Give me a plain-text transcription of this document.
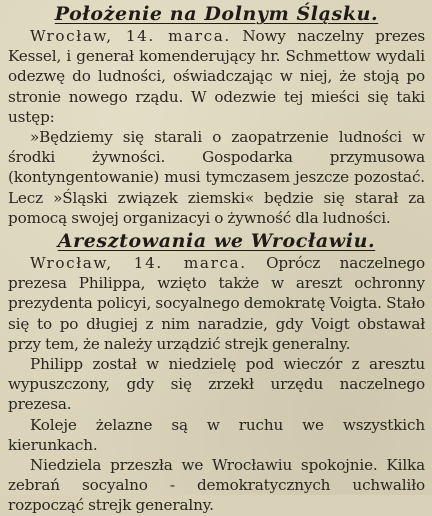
Położenie na Dolnym Śląsku.

Wrocław, 14. marca. Nowy naczelny prezes Kessel, i generał komenderujący hr. Schmettow wydali odezwę do ludności, oświadczając w niej, że stoją po stronie nowego rządu. W odezwie tej mieści się taki ustęp:

»Będziemy się starali o zaopatrzenie ludności w środki żywności. Gospodarka przymusowa (kontyngentowanie) musi tymczasem jeszcze pozostać. Lecz »Śląski związek ziemski« będzie się starał za pomocą swojej organizacyi o żywność dla ludności.

Aresztowania we Wrocławiu.

Wrocław, 14. marca. Oprócz naczelnego prezesa Philippa, wzięto także w areszt ochronny prezydenta policyi, socyalnego demokratę Voigta. Stało się to po długiej z nim naradzie, gdy Voigt obstawał przy tem, że należy urządzić strejk generalny.

Philipp został w niedzielę pod wieczór z aresztu wypuszczony, gdy się zrzekł urzędu naczelnego prezesa.

Koleje żelazne są w ruchu we wszystkich kierunkach.

Niedziela przeszła we Wrocławiu spokojnie. Kilka zebrań socyalno - demokratycznych uchwaliło rozpocząć strejk generalny.
